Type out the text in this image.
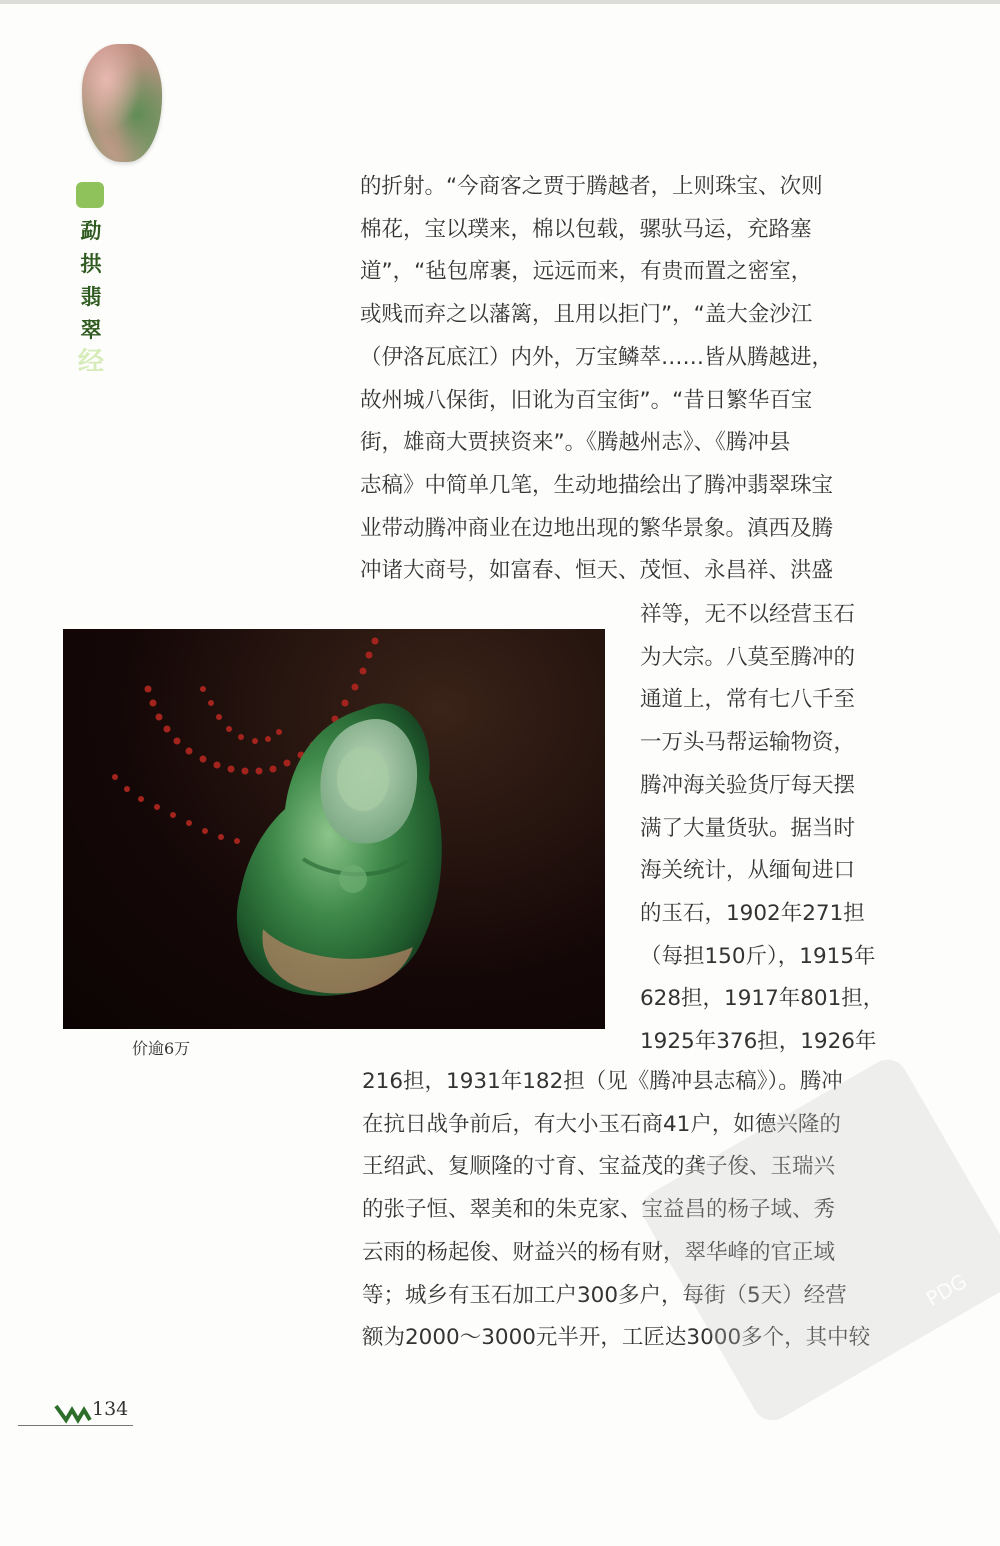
勐
拱
翡
翠
经
的折射。“今商客之贾于腾越者，上则珠宝、次则
棉花，宝以璞来，棉以包载，骡驮马运，充路塞
道”，“毡包席裹，远远而来，有贵而置之密室，
或贱而弃之以藩篱，且用以拒门”，“盖大金沙江
（伊洛瓦底江）内外，万宝鳞萃……皆从腾越进，
故州城八保街，旧讹为百宝街”。“昔日繁华百宝
街，雄商大贾挟资来”。《腾越州志》、《腾冲县
志稿》中简单几笔，生动地描绘出了腾冲翡翠珠宝
业带动腾冲商业在边地出现的繁华景象。滇西及腾
冲诸大商号，如富春、恒天、茂恒、永昌祥、洪盛
祥等，无不以经营玉石
为大宗。八莫至腾冲的
通道上，常有七八千至
一万头马帮运输物资，
腾冲海关验货厅每天摆
满了大量货驮。据当时
海关统计，从缅甸进口
的玉石，1902年271担
（每担150斤），1915年
628担，1917年801担，
1925年376担，1926年

价逾6万

216担，1931年182担（见《腾冲县志稿》）。腾冲
在抗日战争前后，有大小玉石商41户，如德兴隆的
王绍武、复顺隆的寸育、宝益茂的龚子俊、玉瑞兴
的张子恒、翠美和的朱克家、宝益昌的杨子域、秀
云雨的杨起俊、财益兴的杨有财，翠华峰的官正域
等；城乡有玉石加工户300多户，每街（5天）经营
额为2000～3000元半开，工匠达3000多个，其中较
PDG
134
